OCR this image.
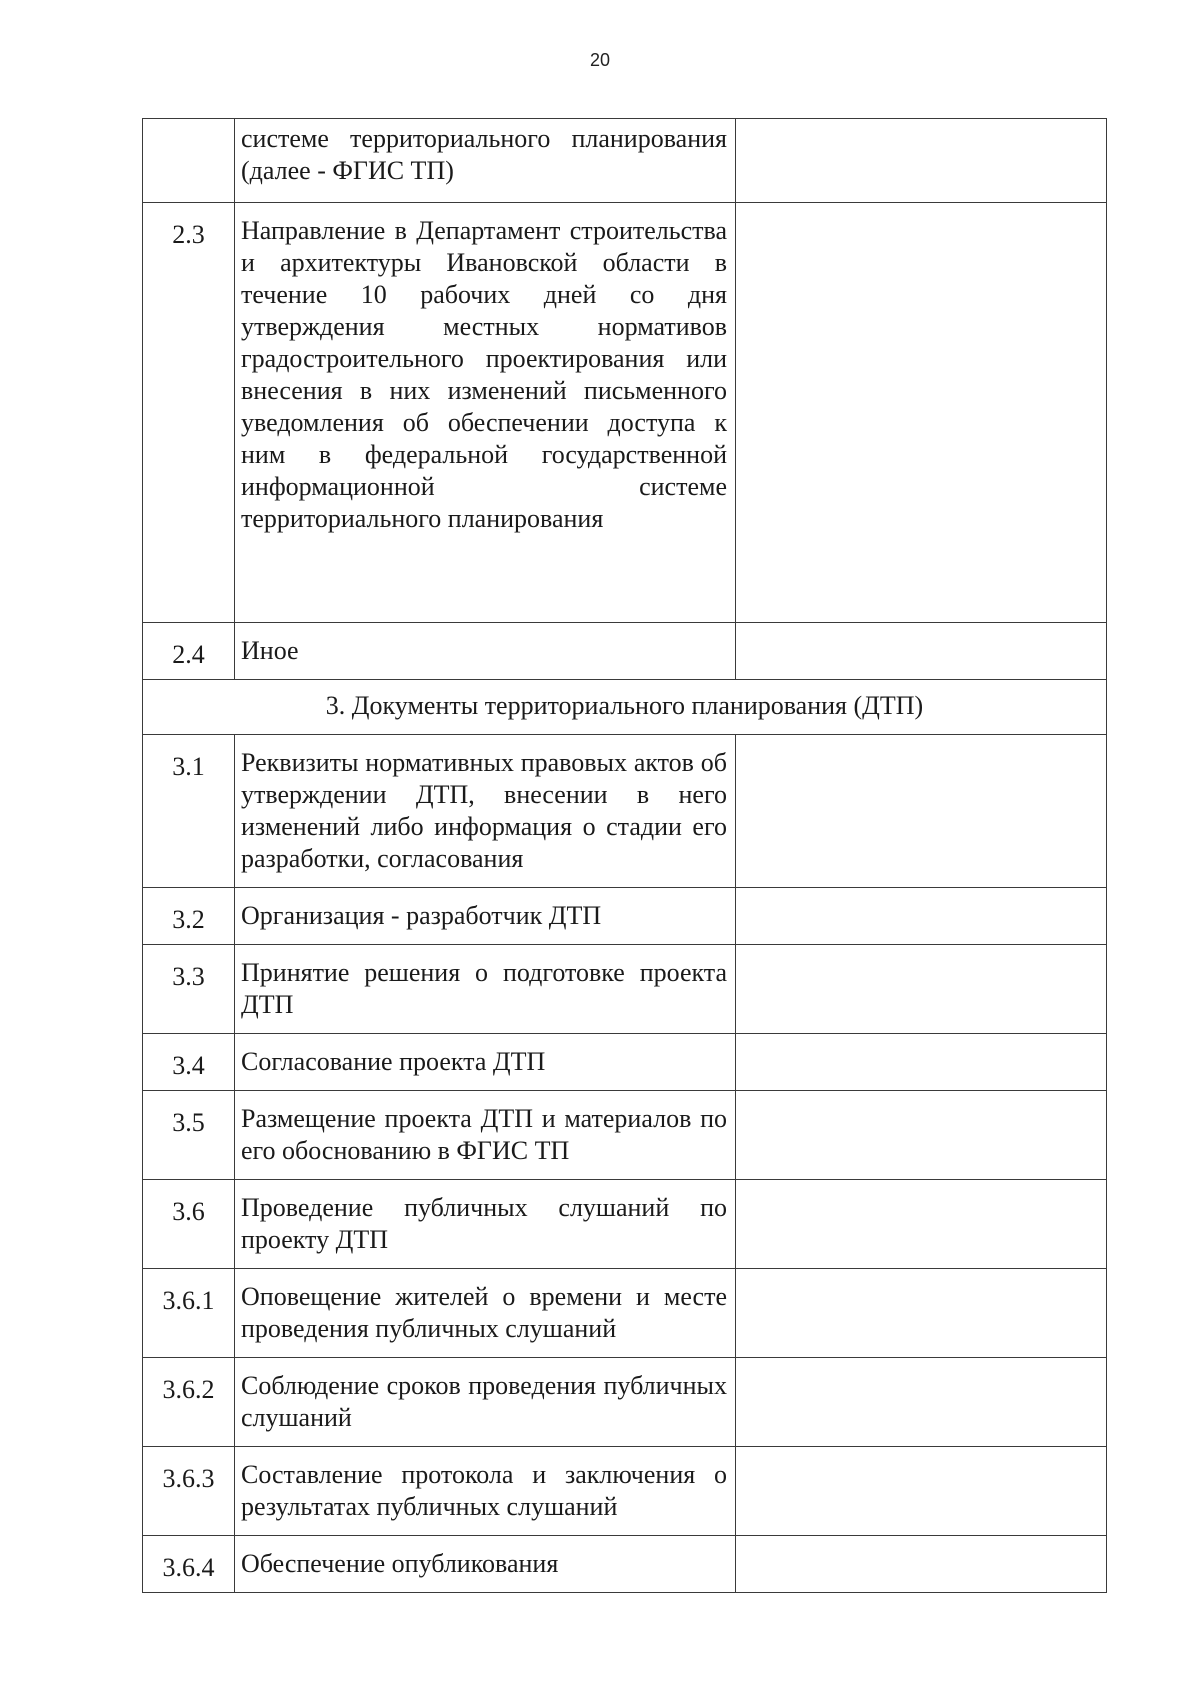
20
	системе территориального планирования (далее - ФГИС ТП)	
2.3	Направление в Департамент строительства и архитектуры Ивановской области в течение 10 рабочих дней со дня утверждения местных нормативов градостроительного проектирования или внесения в них изменений письменного уведомления об обеспечении доступа к ним в федеральной государственной информационной системе территориального планирования	
2.4	Иное	
3. Документы территориального планирования (ДТП)		
3.1	Реквизиты нормативных правовых актов об утверждении ДТП, внесении в него изменений либо информация о стадии его разработки, согласования	
3.2	Организация - разработчик ДТП	
3.3	Принятие решения о подготовке проекта ДТП	
3.4	Согласование проекта ДТП	
3.5	Размещение проекта ДТП и материалов по его обоснованию в ФГИС ТП	
3.6	Проведение публичных слушаний по проекту ДТП	
3.6.1	Оповещение жителей о времени и месте проведения публичных слушаний	
3.6.2	Соблюдение сроков проведения публичных слушаний	
3.6.3	Составление протокола и заключения о результатах публичных слушаний	
3.6.4	Обеспечение опубликования	
